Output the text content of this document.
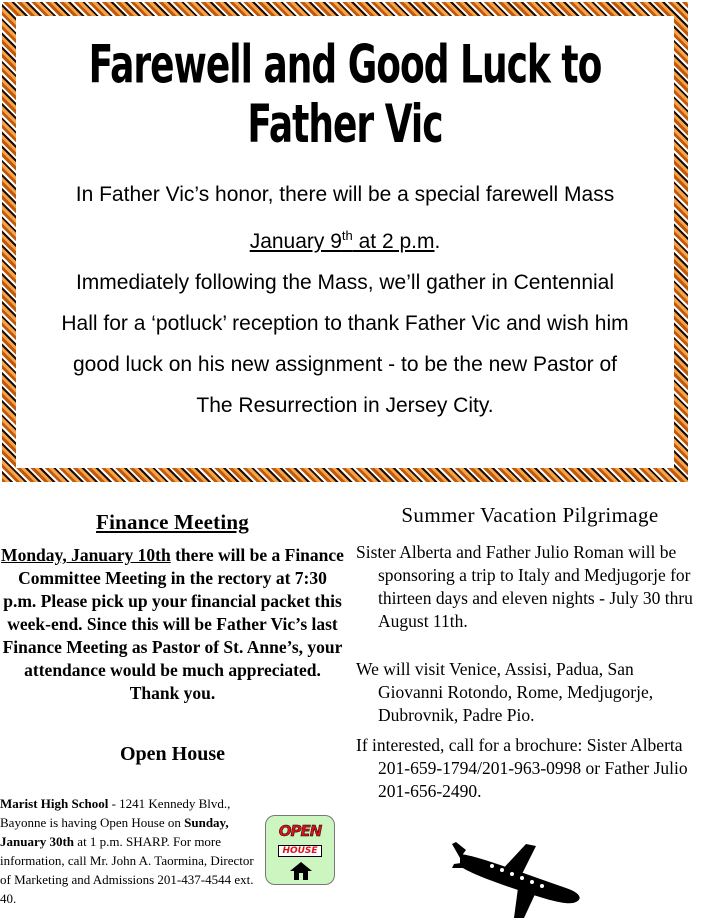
Farewell and Good Luck to Father Vic
In Father Vic’s honor, there will be a special farewell Mass
January 9th at 2 p.m.
Immediately following the Mass, we’ll gather in Centennial
Hall for a ‘potluck’ reception to thank Father Vic and wish him
good luck on his new assignment - to be the new Pastor of
The Resurrection in Jersey City.
Finance Meeting

Monday, January 10th there will be a Finance Committee Meeting in the rectory at 7:30 p.m. Please pick up your financial packet this week-end. Since this will be Father Vic’s last Finance Meeting as Pastor of St. Anne’s, your attendance would be much appreciated. Thank you.

Open House

Marist High School - 1241 Kennedy Blvd., Bayonne is having Open House on Sunday, January 30th at 1 p.m. SHARP. For more information, call Mr. John A. Taormina, Director of Marketing and Admissions 201-437-4544 ext. 40.

OPEN
HOUSE
Summer Vacation Pilgrimage

Sister Alberta and Father Julio Roman will be sponsoring a trip to Italy and Medjugorje for thirteen days and eleven nights - July 30 thru August 11th.

We will visit Venice, Assisi, Padua, San Giovanni Rotondo, Rome, Medjugorje, Dubrovnik, Padre Pio.

If interested, call for a brochure: Sister Alberta 201-659-1794/201-963-0998 or Father Julio 201-656-2490.
